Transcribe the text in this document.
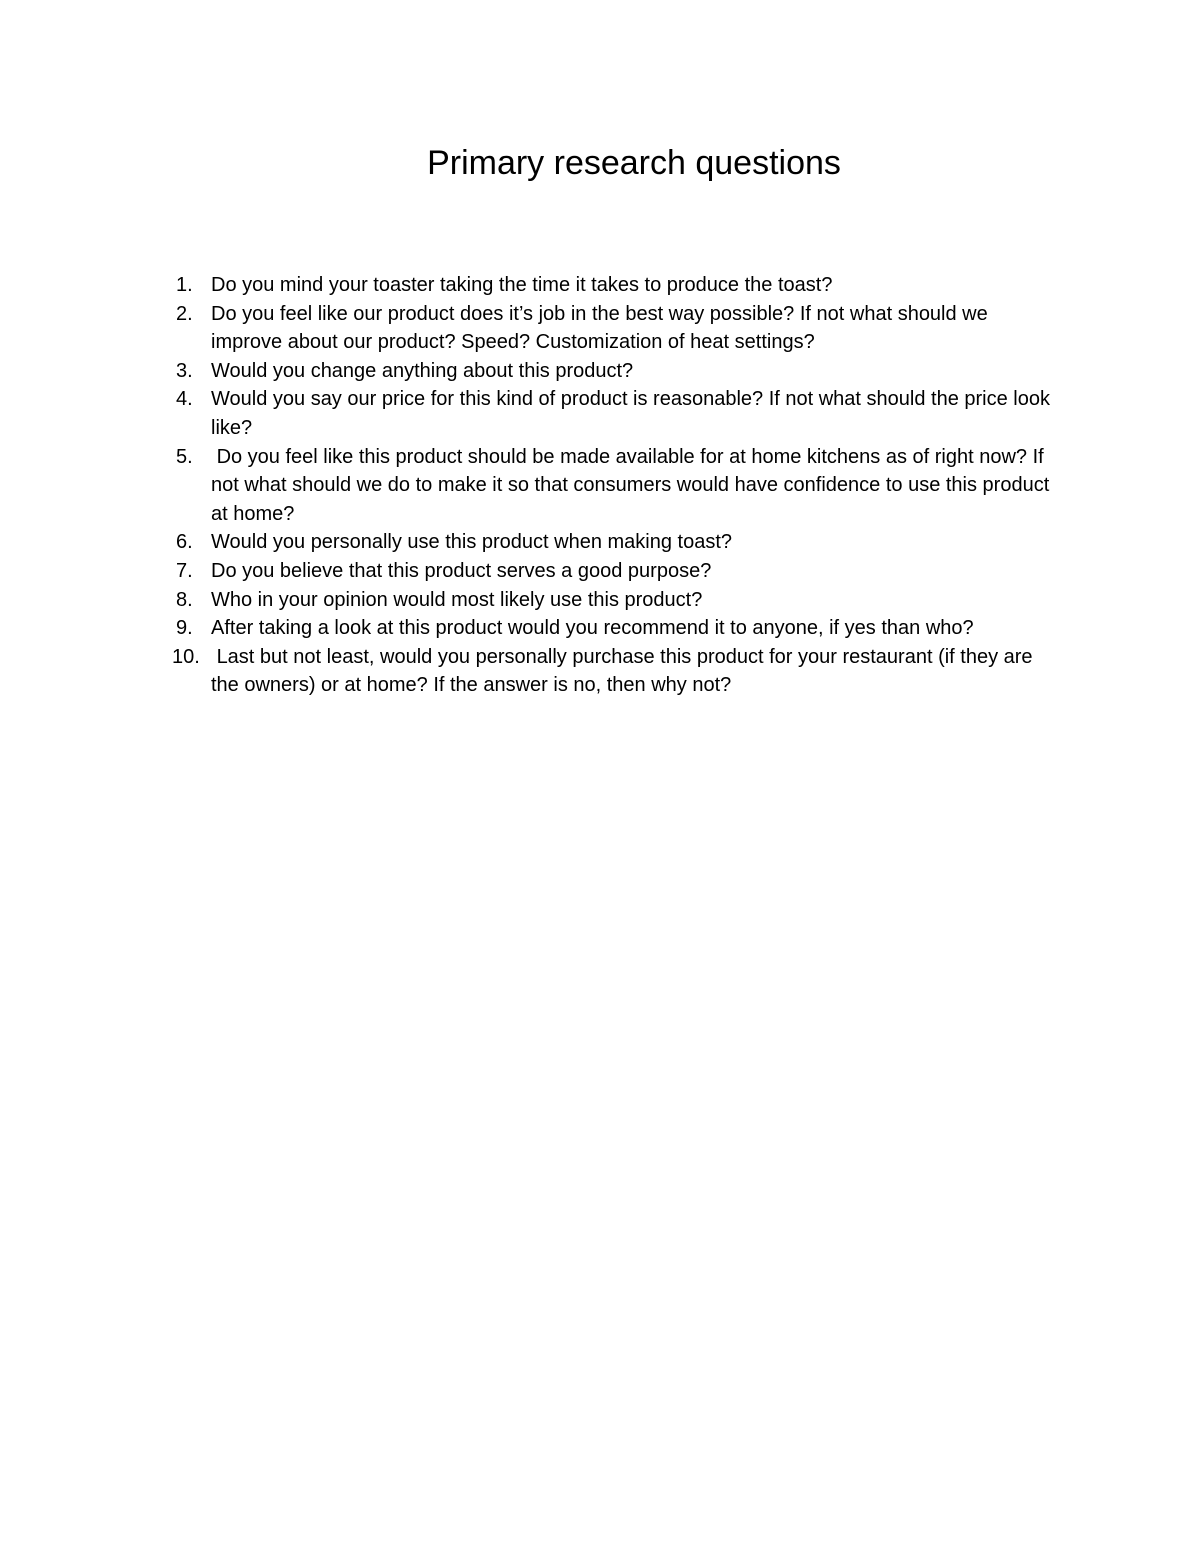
Primary research questions
1. Do you mind your toaster taking the time it takes to produce the toast?
2. Do you feel like our product does it’s job in the best way possible? If not what should we improve about our product? Speed? Customization of heat settings?
3. Would you change anything about this product?
4. Would you say our price for this kind of product is reasonable? If not what should the price look like?
5. Do you feel like this product should be made available for at home kitchens as of right now? If not what should we do to make it so that consumers would have confidence to use this product at home?
6. Would you personally use this product when making toast?
7. Do you believe that this product serves a good purpose?
8. Who in your opinion would most likely use this product?
9. After taking a look at this product would you recommend it to anyone, if yes than who?
10. Last but not least, would you personally purchase this product for your restaurant (if they are the owners) or at home? If the answer is no, then why not?
